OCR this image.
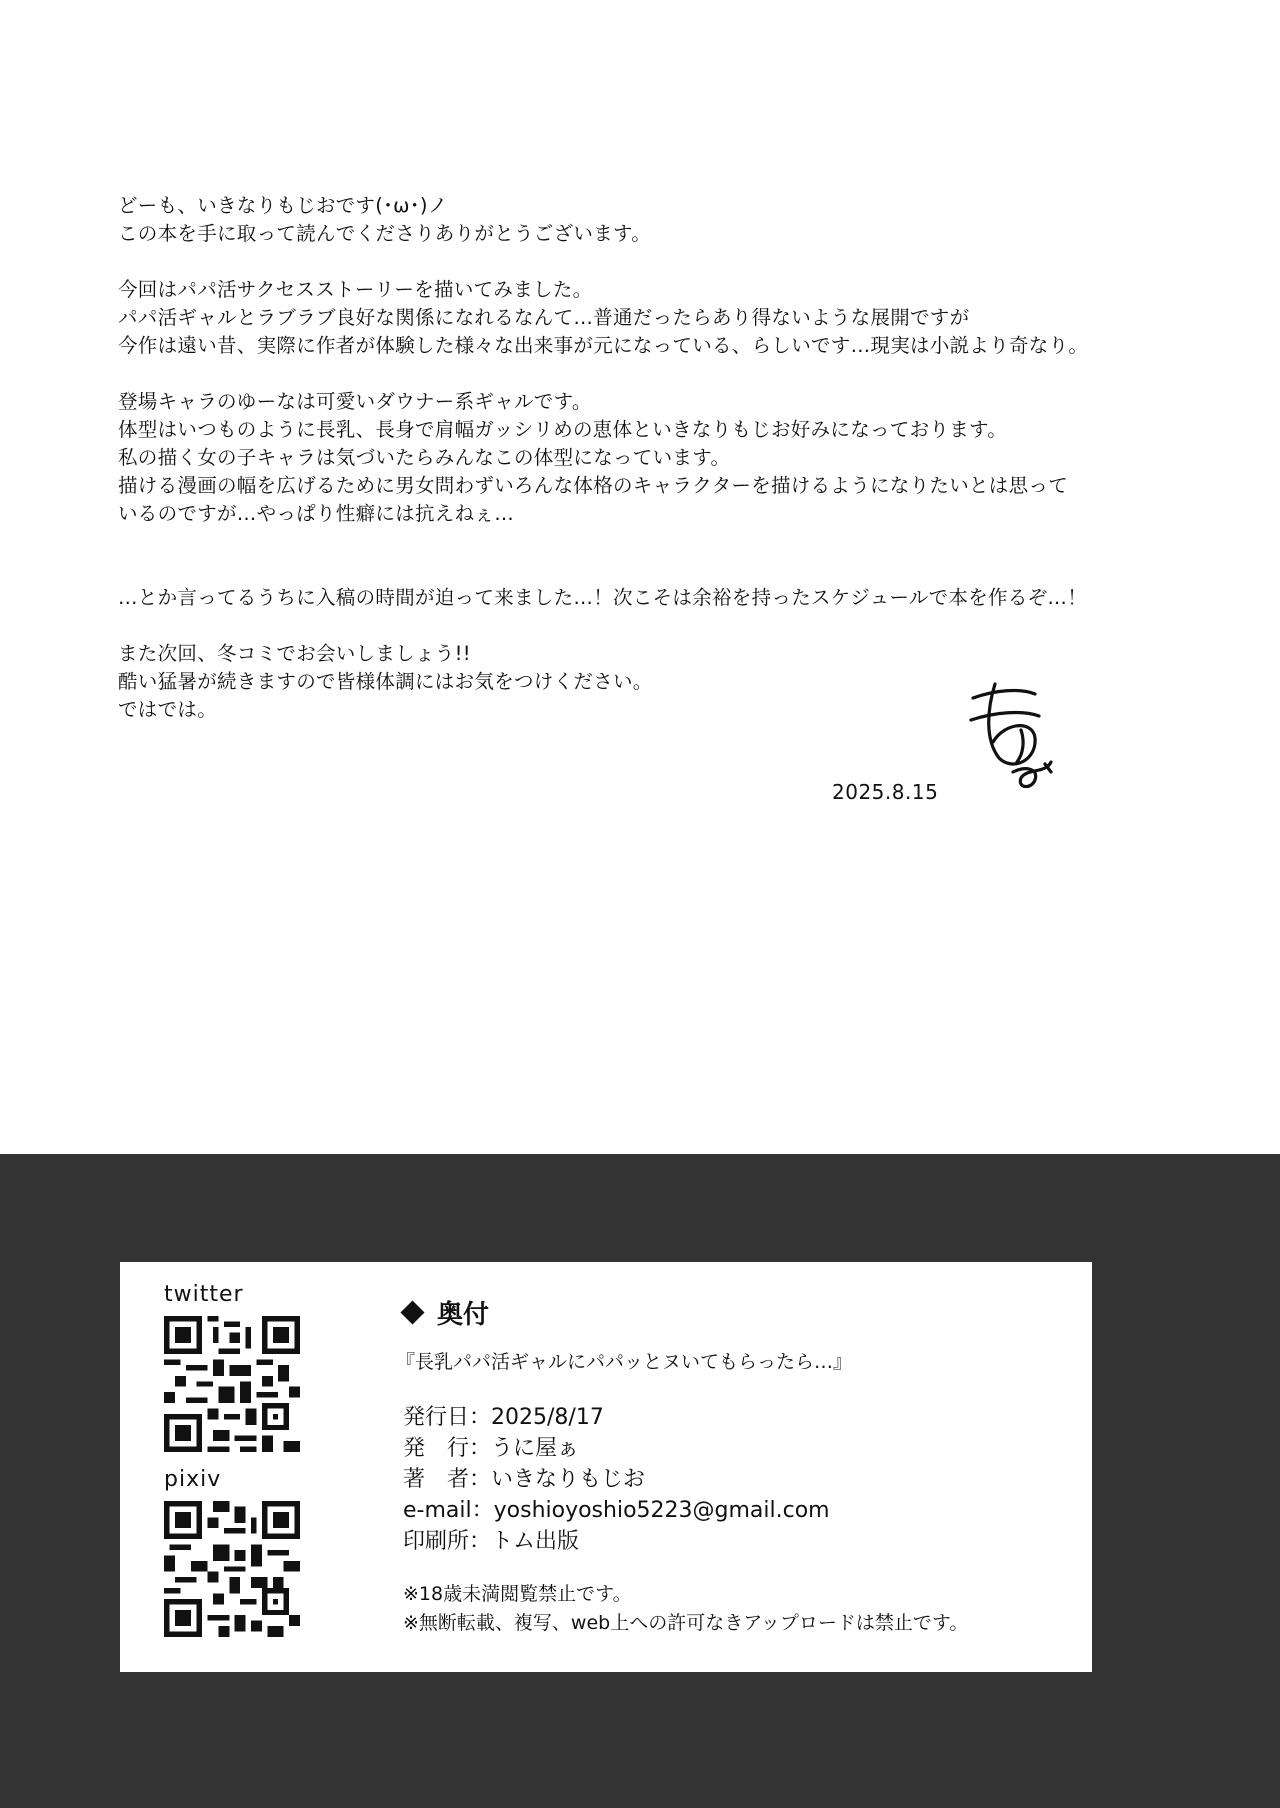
どーも、いきなりもじおです(･ω･)ノ

この本を手に取って読んでくださりありがとうございます。

今回はパパ活サクセスストーリーを描いてみました。

パパ活ギャルとラブラブ良好な関係になれるなんて…普通だったらあり得ないような展開ですが

今作は遠い昔、実際に作者が体験した様々な出来事が元になっている、らしいです…現実は小説より奇なり。

登場キャラのゆーなは可愛いダウナー系ギャルです。

体型はいつものように長乳、長身で肩幅ガッシリめの恵体といきなりもじお好みになっております。

私の描く女の子キャラは気づいたらみんなこの体型になっています。

描ける漫画の幅を広げるために男女問わずいろんな体格のキャラクターを描けるようになりたいとは思って

いるのですが…やっぱり性癖には抗えねぇ…

…とか言ってるうちに入稿の時間が迫って来ました…！次こそは余裕を持ったスケジュールで本を作るぞ…！

また次回、冬コミでお会いしましょう!!

酷い猛暑が続きますので皆様体調にはお気をつけください。

ではでは。

2025.8.15
twitter
pixiv
奥付
『長乳パパ活ギャルにパパッとヌいてもらったら…』
発行日： 2025/8/17
発　行： うに屋ぁ
著　者： いきなりもじお
e-mail： yoshioyoshio5223@gmail.com
印刷所： トム出版

※18歳未満閲覧禁止です。

※無断転載、複写、web上への許可なきアップロードは禁止です。
